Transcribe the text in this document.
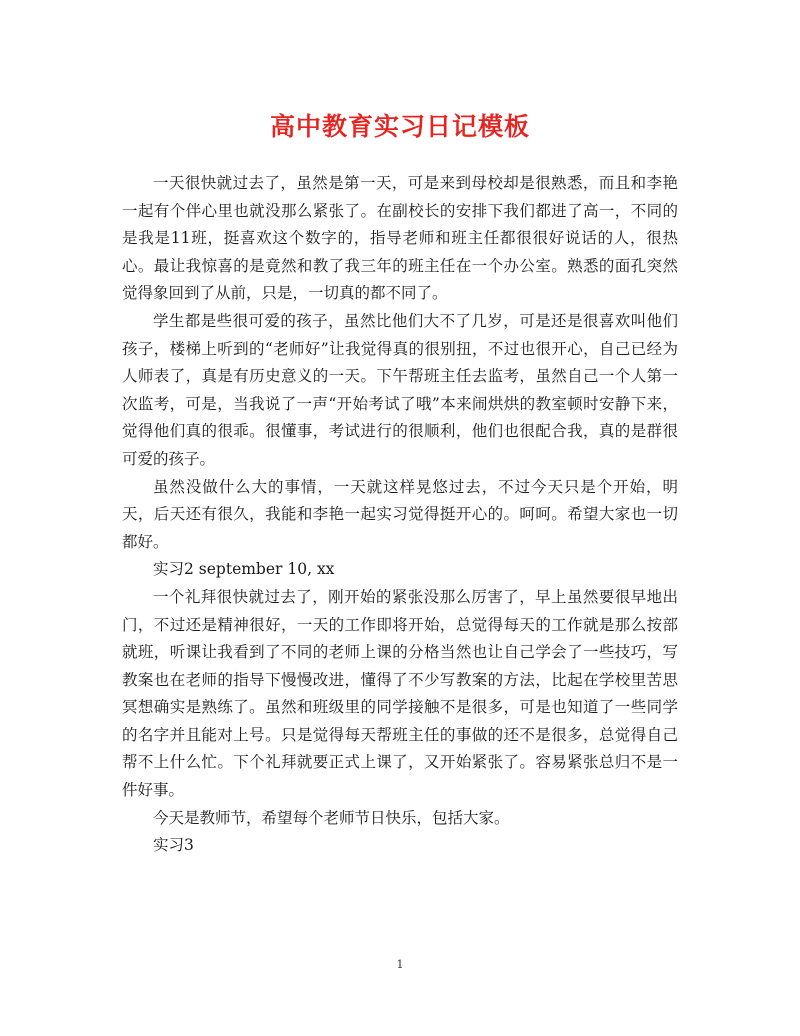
高中教育实习日记模板

一天很快就过去了，虽然是第一天，可是来到母校却是很熟悉，而且和李艳一起有个伴心里也就没那么紧张了。在副校长的安排下我们都进了高一，不同的是我是11班，挺喜欢这个数字的，指导老师和班主任都很很好说话的人，很热心。最让我惊喜的是竟然和教了我三年的班主任在一个办公室。熟悉的面孔突然觉得象回到了从前，只是，一切真的都不同了。

学生都是些很可爱的孩子，虽然比他们大不了几岁，可是还是很喜欢叫他们孩子，楼梯上听到的“老师好”让我觉得真的很别扭，不过也很开心，自己已经为人师表了，真是有历史意义的一天。下午帮班主任去监考，虽然自己一个人第一次监考，可是，当我说了一声“开始考试了哦”本来闹烘烘的教室顿时安静下来，觉得他们真的很乖。很懂事，考试进行的很顺利，他们也很配合我，真的是群很可爱的孩子。

虽然没做什么大的事情，一天就这样晃悠过去，不过今天只是个开始，明天，后天还有很久，我能和李艳一起实习觉得挺开心的。呵呵。希望大家也一切都好。

实习2 september 10, xx

一个礼拜很快就过去了，刚开始的紧张没那么厉害了，早上虽然要很早地出门，不过还是精神很好，一天的工作即将开始，总觉得每天的工作就是那么按部就班，听课让我看到了不同的老师上课的分格当然也让自己学会了一些技巧，写教案也在老师的指导下慢慢改进，懂得了不少写教案的方法，比起在学校里苦思冥想确实是熟练了。虽然和班级里的同学接触不是很多，可是也知道了一些同学的名字并且能对上号。只是觉得每天帮班主任的事做的还不是很多，总觉得自己帮不上什么忙。下个礼拜就要正式上课了，又开始紧张了。容易紧张总归不是一件好事。

今天是教师节，希望每个老师节日快乐，包括大家。

实习3

1
